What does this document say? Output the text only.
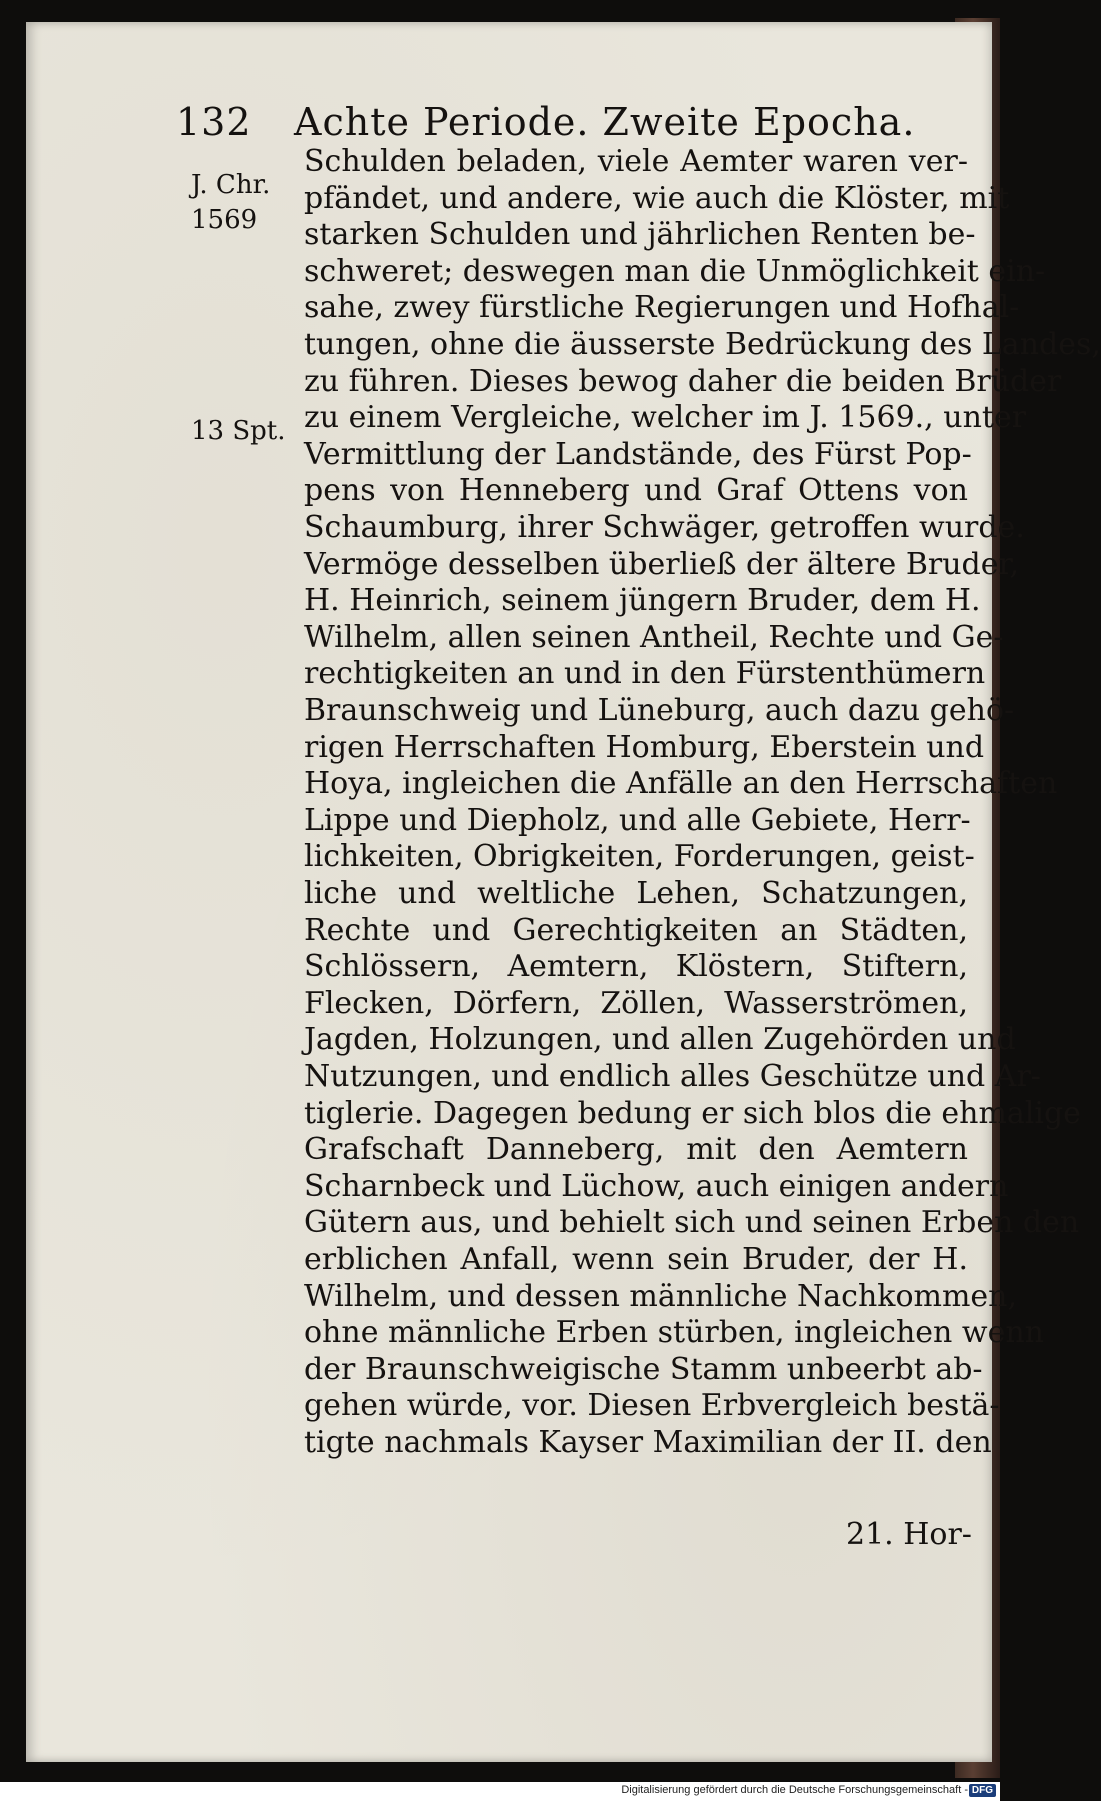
132 Achte Periode. Zweite Epocha.
J. Chr.
1569
13 Spt.
Schulden beladen, viele Aemter waren ver-
pfändet, und andere, wie auch die Klöster, mit
starken Schulden und jährlichen Renten be-
schweret; deswegen man die Unmöglichkeit ein-
sahe, zwey fürstliche Regierungen und Hofhal-
tungen, ohne die äusserste Bedrückung des Landes,
zu führen. Dieses bewog daher die beiden Brüder
zu einem Vergleiche, welcher im J. 1569., unter
Vermittlung der Landstände, des Fürst Pop-
pens von Henneberg und Graf Ottens von
Schaumburg, ihrer Schwäger, getroffen wurde.
Vermöge desselben überließ der ältere Bruder,
H. Heinrich, seinem jüngern Bruder, dem H.
Wilhelm, allen seinen Antheil, Rechte und Ge-
rechtigkeiten an und in den Fürstenthümern
Braunschweig und Lüneburg, auch dazu gehö-
rigen Herrschaften Homburg, Eberstein und
Hoya, ingleichen die Anfälle an den Herrschaften
Lippe und Diepholz, und alle Gebiete, Herr-
lichkeiten, Obrigkeiten, Forderungen, geist-
liche und weltliche Lehen, Schatzungen,
Rechte und Gerechtigkeiten an Städten,
Schlössern, Aemtern, Klöstern, Stiftern,
Flecken, Dörfern, Zöllen, Wasserströmen,
Jagden, Holzungen, und allen Zugehörden und
Nutzungen, und endlich alles Geschütze und Ar-
tiglerie. Dagegen bedung er sich blos die ehmalige
Grafschaft Danneberg, mit den Aemtern
Scharnbeck und Lüchow, auch einigen andern
Gütern aus, und behielt sich und seinen Erben den
erblichen Anfall, wenn sein Bruder, der H.
Wilhelm, und dessen männliche Nachkommen,
ohne männliche Erben stürben, ingleichen wenn
der Braunschweigische Stamm unbeerbt ab-
gehen würde, vor. Diesen Erbvergleich bestä-
tigte nachmals Kayser Maximilian der II. den
21. Hor-
Digitalisierung gefördert durch die Deutsche Forschungsgemeinschaft - DFG
